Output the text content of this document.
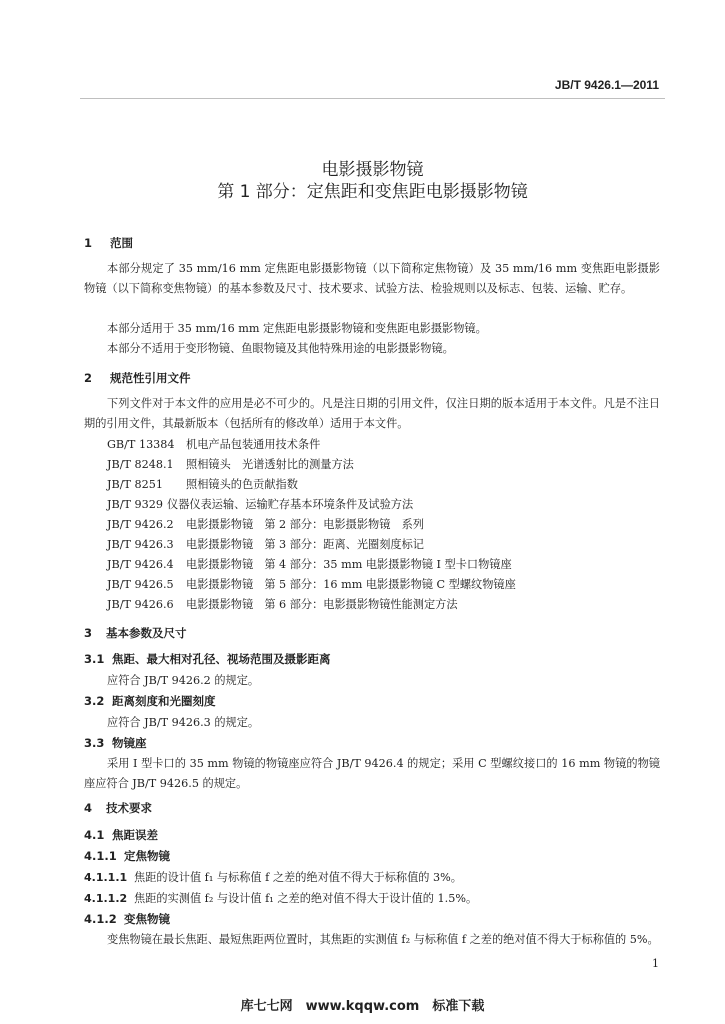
JB/T 9426.1—2011
电影摄影物镜
第 1 部分：定焦距和变焦距电影摄影物镜
1 范围

本部分规定了 35 mm/16 mm 定焦距电影摄影物镜（以下简称定焦物镜）及 35 mm/16 mm 变焦距电影摄影物镜（以下简称变焦物镜）的基本参数及尺寸、技术要求、试验方法、检验规则以及标志、包装、运输、贮存。

本部分适用于 35 mm/16 mm 定焦距电影摄影物镜和变焦距电影摄影物镜。

本部分不适用于变形物镜、鱼眼物镜及其他特殊用途的电影摄影物镜。

2 规范性引用文件

下列文件对于本文件的应用是必不可少的。凡是注日期的引用文件，仅注日期的版本适用于本文件。凡是不注日期的引用文件，其最新版本（包括所有的修改单）适用于本文件。

GB/T 13384 机电产品包装通用技术条件
JB/T 8248.1 照相镜头　光谱透射比的测量方法
JB/T 8251 照相镜头的色贡献指数
JB/T 9329 仪器仪表运输、运输贮存基本环境条件及试验方法
JB/T 9426.2 电影摄影物镜　第 2 部分：电影摄影物镜　系列
JB/T 9426.3 电影摄影物镜　第 3 部分：距离、光圈刻度标记
JB/T 9426.4 电影摄影物镜　第 4 部分：35 mm 电影摄影物镜 I 型卡口物镜座
JB/T 9426.5 电影摄影物镜　第 5 部分：16 mm 电影摄影物镜 C 型螺纹物镜座
JB/T 9426.6 电影摄影物镜　第 6 部分：电影摄影物镜性能测定方法
3 基本参数及尺寸
3.1 焦距、最大相对孔径、视场范围及摄影距离
应符合 JB/T 9426.2 的规定。
3.2 距离刻度和光圈刻度
应符合 JB/T 9426.3 的规定。
3.3 物镜座

采用 I 型卡口的 35 mm 物镜的物镜座应符合 JB/T 9426.4 的规定；采用 C 型螺纹接口的 16 mm 物镜的物镜座应符合 JB/T 9426.5 的规定。

4 技术要求
4.1 焦距误差
4.1.1 定焦物镜
4.1.1.1 焦距的设计值 f₁ 与标称值 f 之差的绝对值不得大于标称值的 3%。
4.1.1.2 焦距的实测值 f₂ 与设计值 f₁ 之差的绝对值不得大于设计值的 1.5%。
4.1.2 变焦物镜

变焦物镜在最长焦距、最短焦距两位置时，其焦距的实测值 f₂ 与标称值 f 之差的绝对值不得大于标称值的 5%。

1
库七七网　www.kqqw.com　标准下载
